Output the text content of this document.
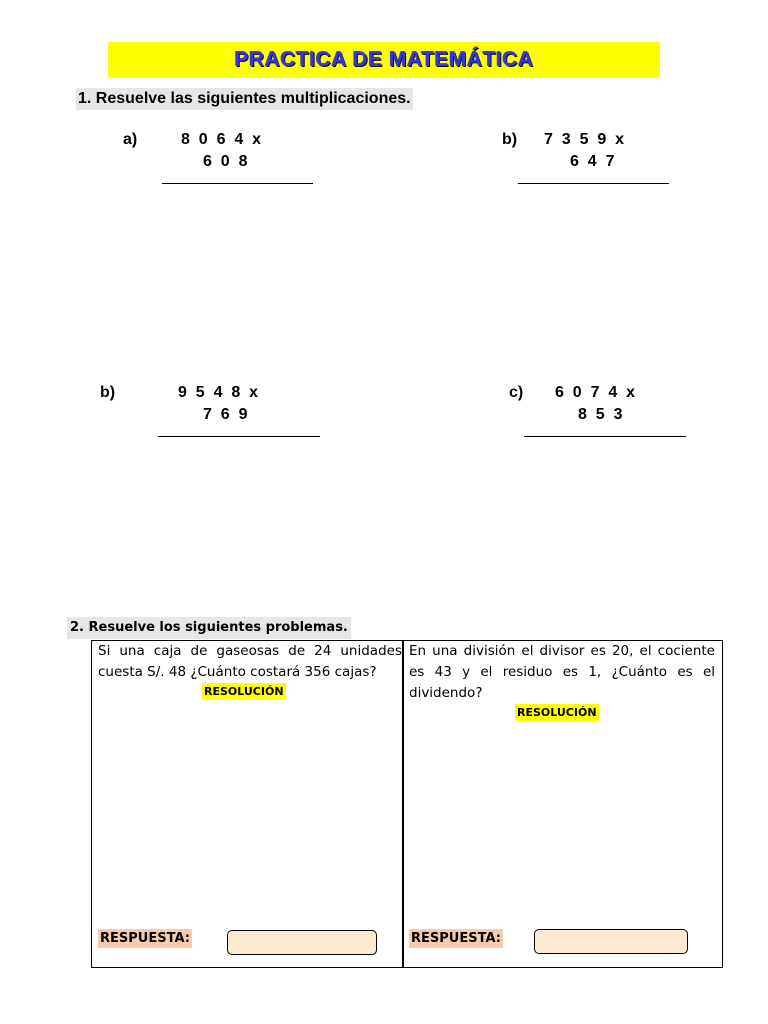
PRACTICA DE MATEMÁTICA
1. Resuelve las siguientes multiplicaciones.
a)	8  0  6  4  x
6  0  8
b) 7  3  5  9  x
6  4  7
b)	9  5  4  8  x
7  6  9
c) 6  0  7  4  x
8  5  3
2. Resuelve los siguientes problemas.
Si una caja de gaseosas de 24 unidades cuesta S/. 48 ¿Cuánto costará 356 cajas?
RESOLUCIÓN
RESPUESTA:
En una división el divisor es 20, el cociente es 43 y el residuo es 1, ¿Cuánto es el dividendo?
RESOLUCIÓN
RESPUESTA:
